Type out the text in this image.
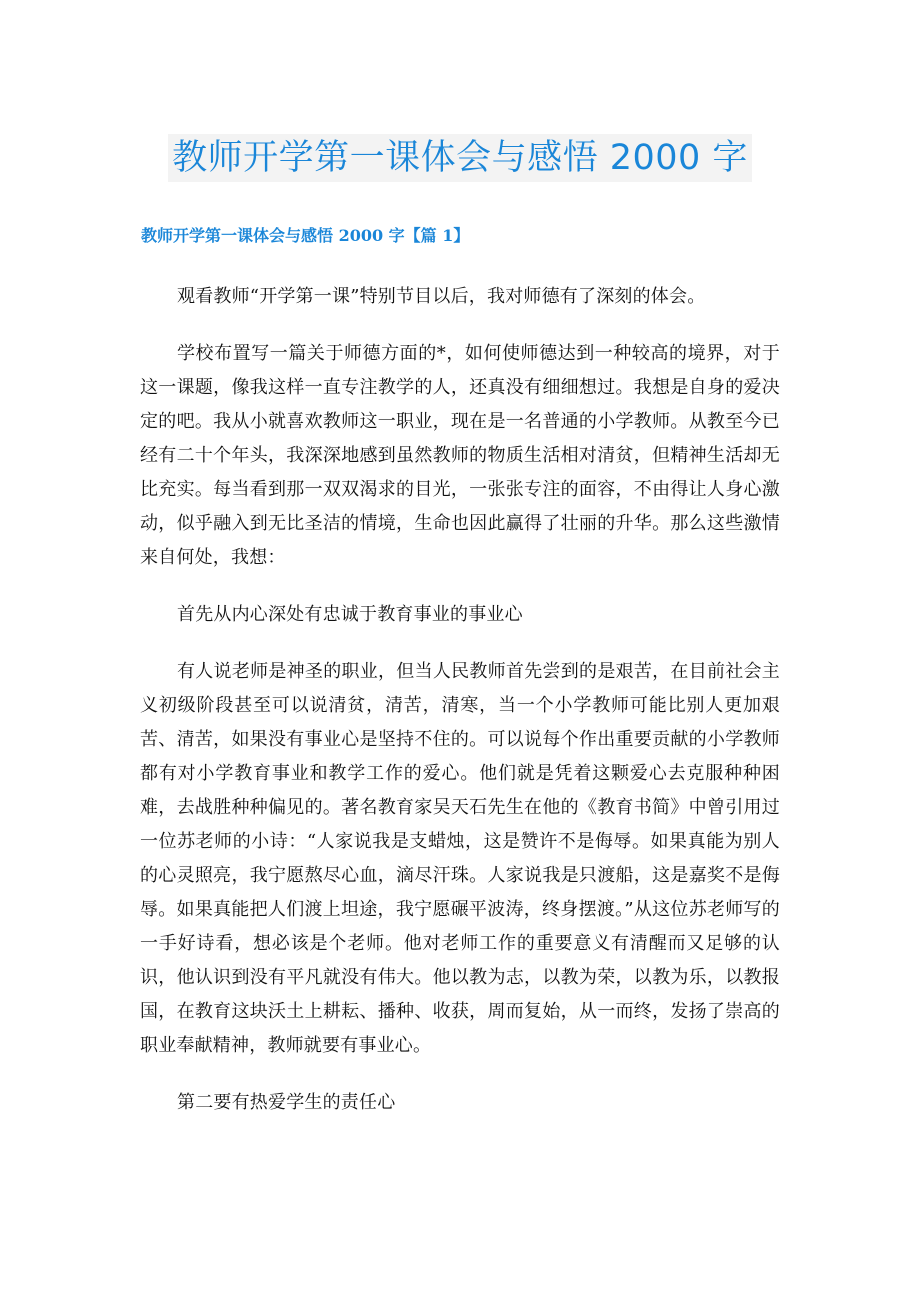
教师开学第一课体会与感悟 2000 字
教师开学第一课体会与感悟 2000 字【篇 1】

观看教师“开学第一课”特别节目以后，我对师德有了深刻的体会。

学校布置写一篇关于师德方面的*，如何使师德达到一种较高的境界，对于这一课题，像我这样一直专注教学的人，还真没有细细想过。我想是自身的爱决定的吧。我从小就喜欢教师这一职业，现在是一名普通的小学教师。从教至今已经有二十个年头，我深深地感到虽然教师的物质生活相对清贫，但精神生活却无比充实。每当看到那一双双渴求的目光，一张张专注的面容，不由得让人身心激动，似乎融入到无比圣洁的情境，生命也因此赢得了壮丽的升华。那么这些激情来自何处，我想：

首先从内心深处有忠诚于教育事业的事业心

有人说老师是神圣的职业，但当人民教师首先尝到的是艰苦，在目前社会主义初级阶段甚至可以说清贫，清苦，清寒，当一个小学教师可能比别人更加艰苦、清苦，如果没有事业心是坚持不住的。可以说每个作出重要贡献的小学教师都有对小学教育事业和教学工作的爱心。他们就是凭着这颗爱心去克服种种困难，去战胜种种偏见的。著名教育家吴天石先生在他的《教育书简》中曾引用过一位苏老师的小诗：“人家说我是支蜡烛，这是赞许不是侮辱。如果真能为别人的心灵照亮，我宁愿熬尽心血，滴尽汗珠。人家说我是只渡船，这是嘉奖不是侮辱。如果真能把人们渡上坦途，我宁愿碾平波涛，终身摆渡。”从这位苏老师写的一手好诗看，想必该是个老师。他对老师工作的重要意义有清醒而又足够的认识，他认识到没有平凡就没有伟大。他以教为志，以教为荣，以教为乐，以教报国，在教育这块沃土上耕耘、播种、收获，周而复始，从一而终，发扬了崇高的职业奉献精神，教师就要有事业心。

第二要有热爱学生的责任心
